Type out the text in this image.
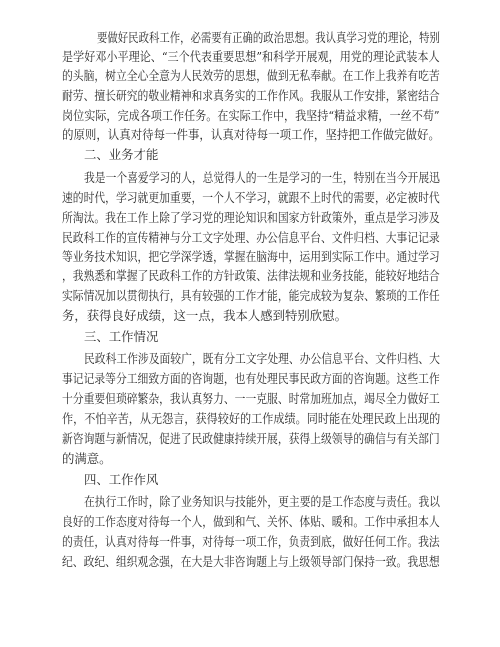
要做好民政科工作，必需要有正确的政治思想。我认真学习党的理论，特别
是学好邓小平理论、“三个代表重要思想”和科学开展观，用党的理论武装本人
的头脑，树立全心全意为人民效劳的思想，做到无私奉献。在工作上我养有吃苦
耐劳、擅长研究的敬业精神和求真务实的工作作风。我服从工作安排，紧密结合
岗位实际，完成各项工作任务。在实际工作中，我坚持“精益求精，一丝不苟”
的原则，认真对待每一件事，认真对待每一项工作，坚持把工作做完做好。
二、业务才能
我是一个喜爱学习的人，总觉得人的一生是学习的一生，特别在当今开展迅
速的时代，学习就更加重要，一个人不学习，就跟不上时代的需要，必定被时代
所淘汰。我在工作上除了学习党的理论知识和国家方针政策外，重点是学习涉及
民政科工作的宣传精神与分工文字处理、办公信息平台、文件归档、大事记记录
等业务技术知识，把它学深学透，掌握在脑海中，运用到实际工作中。通过学习
，我熟悉和掌握了民政科工作的方针政策、法律法规和业务技能，能较好地结合
实际情况加以贯彻执行，具有较强的工作才能，能完成较为复杂、繁琐的工作任
务，获得良好成绩，这一点，我本人感到特别欣慰。
三、工作情况
民政科工作涉及面较广，既有分工文字处理、办公信息平台、文件归档、大
事记记录等分工细致方面的咨询题，也有处理民事民政方面的咨询题。这些工作
十分重要但琐碎繁杂，我认真努力、一一克服、时常加班加点，竭尽全力做好工
作，不怕辛苦，从无怨言，获得较好的工作成绩。同时能在处理民政上出现的
新咨询题与新情况，促进了民政健康持续开展，获得上级领导的确信与有关部门
的满意。
四、工作作风
在执行工作时，除了业务知识与技能外，更主要的是工作态度与责任。我以
良好的工作态度对待每一个人，做到和气、关怀、体贴、暖和。工作中承担本人
的责任，认真对待每一件事，对待每一项工作，负责到底，做好任何工作。我法
纪、政纪、组织观念强，在大是大非咨询题上与上级领导部门保持一致。我思想
